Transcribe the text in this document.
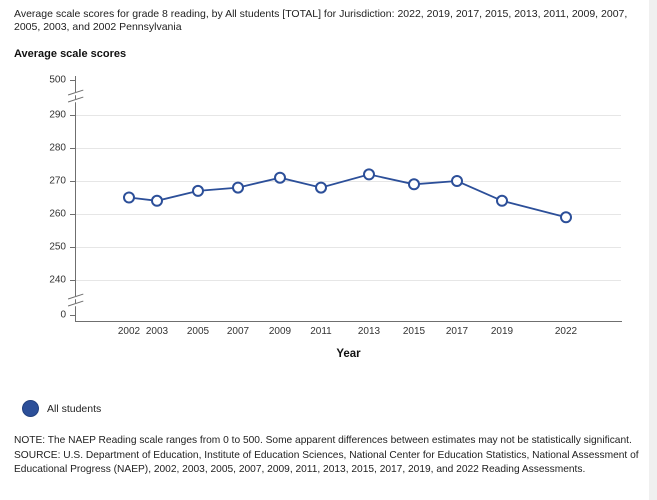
Average scale scores for grade 8 reading, by All students [TOTAL] for Jurisdiction: 2022, 2019, 2017, 2015, 2013, 2011, 2009, 2007, 2005, 2003, and 2002 Pennsylvania
Average scale scores
500
290
280
270
260
250
240
0
2002 2003 2005 2007 2009 2011	2013 2015 2017 2019	2022
Year
All students
NOTE: The NAEP Reading scale ranges from 0 to 500. Some apparent differences between estimates may not be statistically significant.
SOURCE: U.S. Department of Education, Institute of Education Sciences, National Center for Education Statistics, National Assessment of Educational Progress (NAEP), 2002, 2003, 2005, 2007, 2009, 2011, 2013, 2015, 2017, 2019, and 2022 Reading Assessments.
